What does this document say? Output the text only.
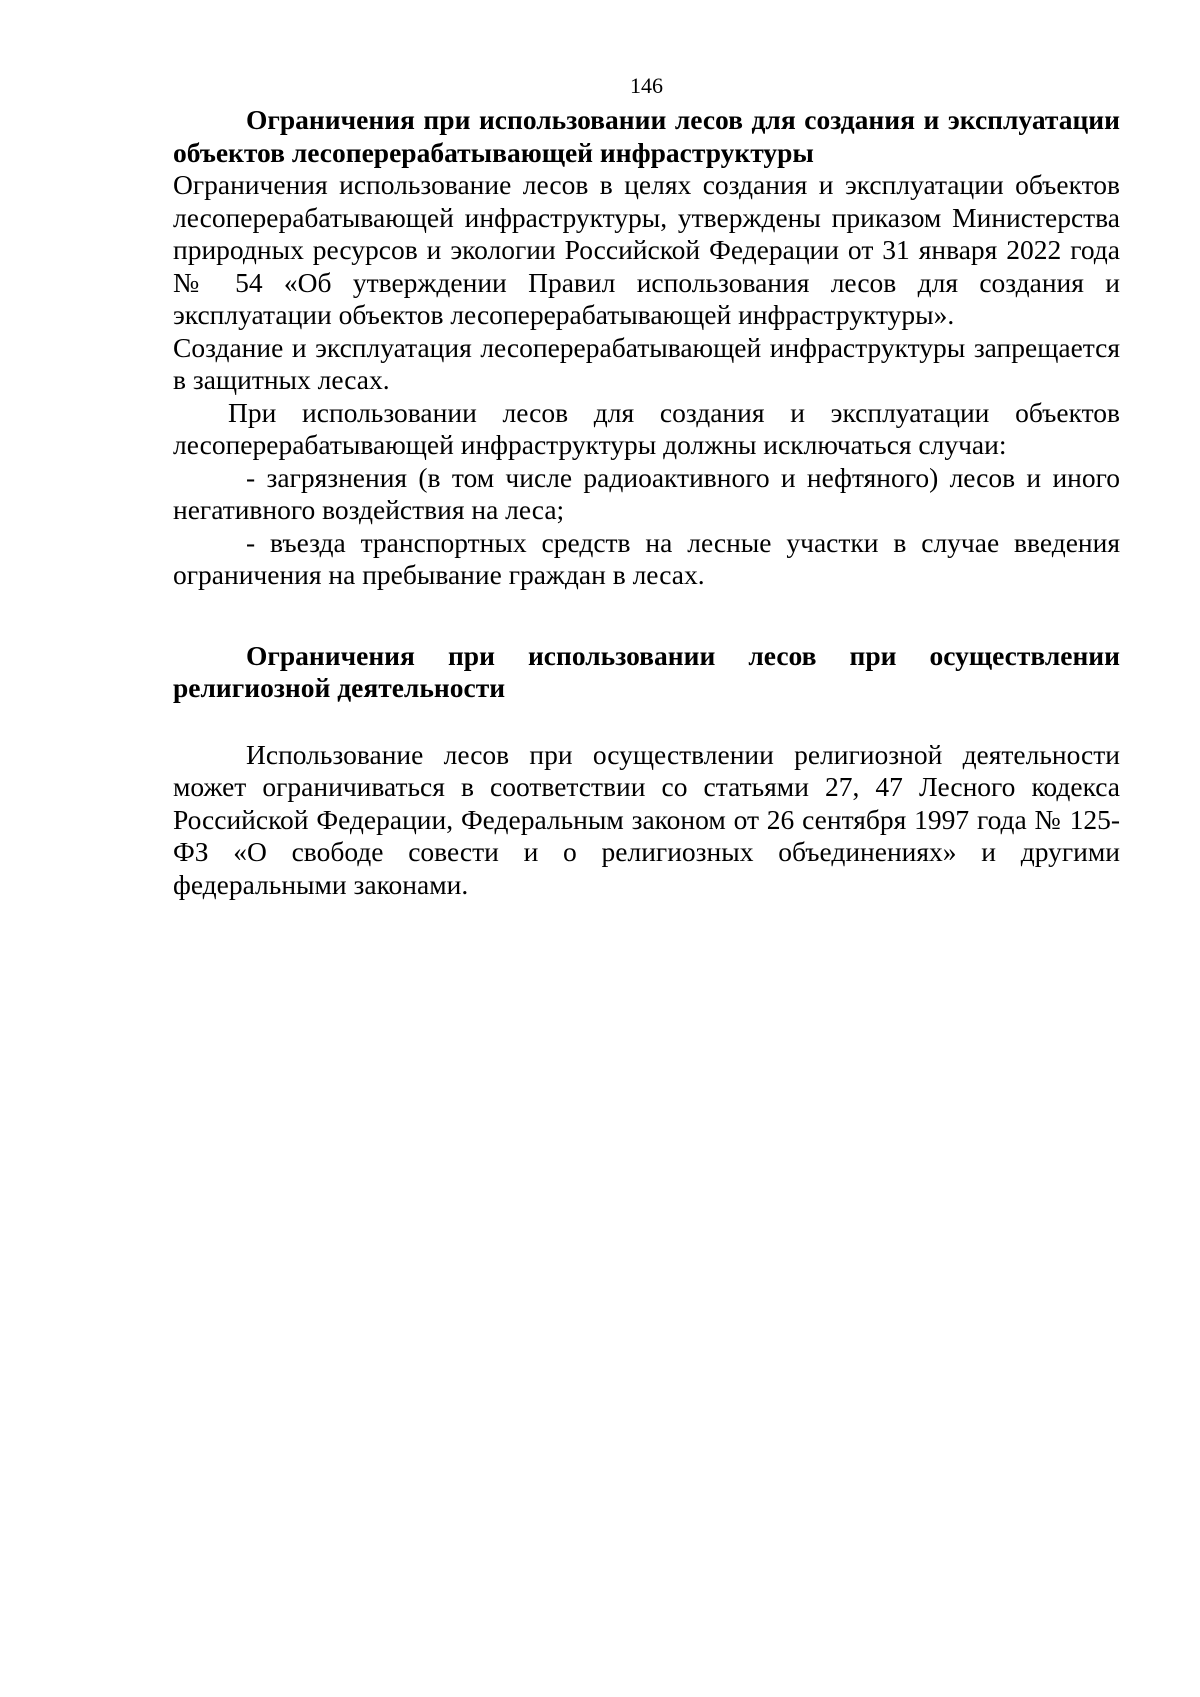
146

Ограничения при использовании лесов для создания и эксплуатации объектов лесоперерабатывающей инфраструктуры

Ограничения использование лесов в целях создания и эксплуатации объектов лесоперерабатывающей инфраструктуры, утверждены приказом Министерства природных ресурсов и экологии Российской Федерации от 31 января 2022 года № 54 «Об утверждении Правил использования лесов для создания и эксплуатации объектов лесоперерабатывающей инфраструктуры».

Создание и эксплуатация лесоперерабатывающей инфраструктуры запрещается в защитных лесах.

При использовании лесов для создания и эксплуатации объектов лесоперерабатывающей инфраструктуры должны исключаться случаи:

- загрязнения (в том числе радиоактивного и нефтяного) лесов и иного негативного воздействия на леса;

- въезда транспортных средств на лесные участки в случае введения ограничения на пребывание граждан в лесах.

Ограничения при использовании лесов при осуществлении религиозной деятельности

Использование лесов при осуществлении религиозной деятельности может ограничиваться в соответствии со статьями 27, 47 Лесного кодекса Российской Федерации, Федеральным законом от 26 сентября 1997 года № 125-ФЗ «О свободе совести и о религиозных объединениях» и другими федеральными законами.
